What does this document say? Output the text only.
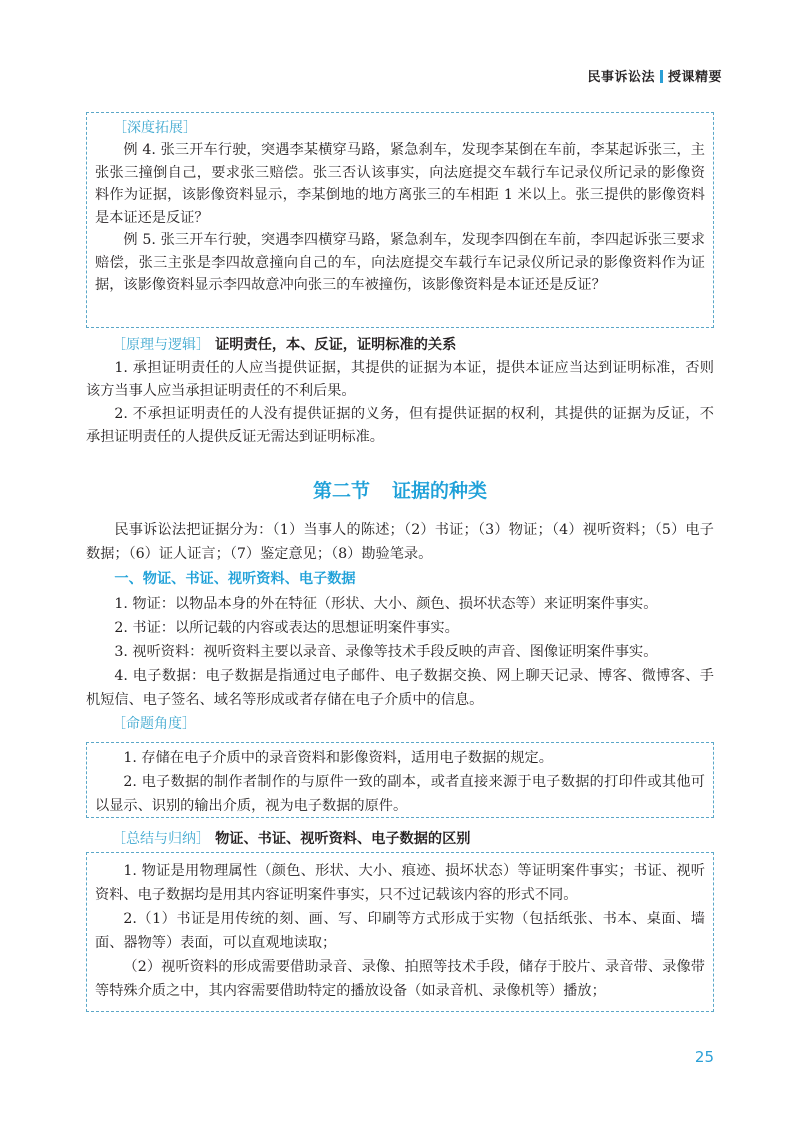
民事诉讼法 授课精要
［深度拓展］

例 4. 张三开车行驶，突遇李某横穿马路，紧急刹车，发现李某倒在车前，李某起诉张三，主张张三撞倒自己，要求张三赔偿。张三否认该事实，向法庭提交车载行车记录仪所记录的影像资料作为证据，该影像资料显示，李某倒地的地方离张三的车相距 1 米以上。张三提供的影像资料是本证还是反证？

例 5. 张三开车行驶，突遇李四横穿马路，紧急刹车，发现李四倒在车前，李四起诉张三要求赔偿，张三主张是李四故意撞向自己的车，向法庭提交车载行车记录仪所记录的影像资料作为证据，该影像资料显示李四故意冲向张三的车被撞伤，该影像资料是本证还是反证？

［原理与逻辑］ 证明责任，本、反证，证明标准的关系

1. 承担证明责任的人应当提供证据，其提供的证据为本证，提供本证应当达到证明标准，否则该方当事人应当承担证明责任的不利后果。

2. 不承担证明责任的人没有提供证据的义务，但有提供证据的权利，其提供的证据为反证，不承担证明责任的人提供反证无需达到证明标准。

第二节 证据的种类

民事诉讼法把证据分为：（1）当事人的陈述；（2）书证；（3）物证；（4）视听资料；（5）电子数据；（6）证人证言；（7）鉴定意见；（8）勘验笔录。

一、物证、书证、视听资料、电子数据

1. 物证：以物品本身的外在特征（形状、大小、颜色、损坏状态等）来证明案件事实。

2. 书证：以所记载的内容或表达的思想证明案件事实。

3. 视听资料：视听资料主要以录音、录像等技术手段反映的声音、图像证明案件事实。

4. 电子数据：电子数据是指通过电子邮件、电子数据交换、网上聊天记录、博客、微博客、手机短信、电子签名、域名等形成或者存储在电子介质中的信息。

［命题角度］

1. 存储在电子介质中的录音资料和影像资料，适用电子数据的规定。

2. 电子数据的制作者制作的与原件一致的副本，或者直接来源于电子数据的打印件或其他可以显示、识别的输出介质，视为电子数据的原件。

［总结与归纳］ 物证、书证、视听资料、电子数据的区别

1. 物证是用物理属性（颜色、形状、大小、痕迹、损坏状态）等证明案件事实；书证、视听资料、电子数据均是用其内容证明案件事实，只不过记载该内容的形式不同。

2.（1）书证是用传统的刻、画、写、印刷等方式形成于实物（包括纸张、书本、桌面、墙面、器物等）表面，可以直观地读取；

（2）视听资料的形成需要借助录音、录像、拍照等技术手段，储存于胶片、录音带、录像带等特殊介质之中，其内容需要借助特定的播放设备（如录音机、录像机等）播放；

25
